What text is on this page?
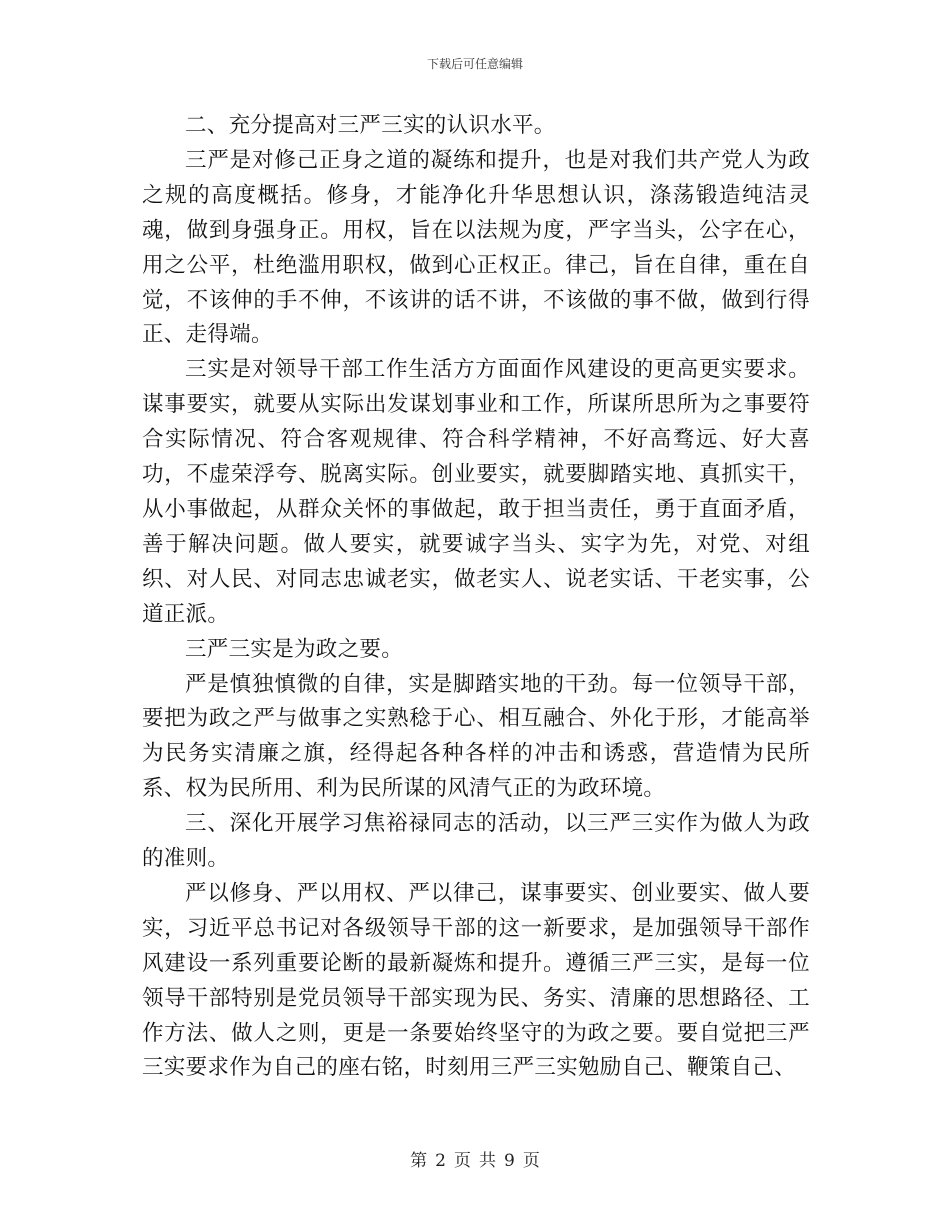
下载后可任意编辑

二、充分提高对三严三实的认识水平。

三严是对修己正身之道的凝练和提升，也是对我们共产党人为政之规的高度概括。修身，才能净化升华思想认识，涤荡锻造纯洁灵魂，做到身强身正。用权，旨在以法规为度，严字当头，公字在心，用之公平，杜绝滥用职权，做到心正权正。律己，旨在自律，重在自觉，不该伸的手不伸，不该讲的话不讲，不该做的事不做，做到行得正、走得端。

三实是对领导干部工作生活方方面面作风建设的更高更实要求。谋事要实，就要从实际出发谋划事业和工作，所谋所思所为之事要符合实际情况、符合客观规律、符合科学精神，不好高骛远、好大喜功，不虚荣浮夸、脱离实际。创业要实，就要脚踏实地、真抓实干，从小事做起，从群众关怀的事做起，敢于担当责任，勇于直面矛盾，善于解决问题。做人要实，就要诚字当头、实字为先，对党、对组织、对人民、对同志忠诚老实，做老实人、说老实话、干老实事，公道正派。

三严三实是为政之要。

严是慎独慎微的自律，实是脚踏实地的干劲。每一位领导干部，要把为政之严与做事之实熟稔于心、相互融合、外化于形，才能高举为民务实清廉之旗，经得起各种各样的冲击和诱惑，营造情为民所系、权为民所用、利为民所谋的风清气正的为政环境。

三、深化开展学习焦裕禄同志的活动，以三严三实作为做人为政的准则。

严以修身、严以用权、严以律己，谋事要实、创业要实、做人要实，习近平总书记对各级领导干部的这一新要求，是加强领导干部作风建设一系列重要论断的最新凝炼和提升。遵循三严三实，是每一位领导干部特别是党员领导干部实现为民、务实、清廉的思想路径、工作方法、做人之则，更是一条要始终坚守的为政之要。要自觉把三严三实要求作为自己的座右铭，时刻用三严三实勉励自己、鞭策自己、

第 2 页 共 9 页
